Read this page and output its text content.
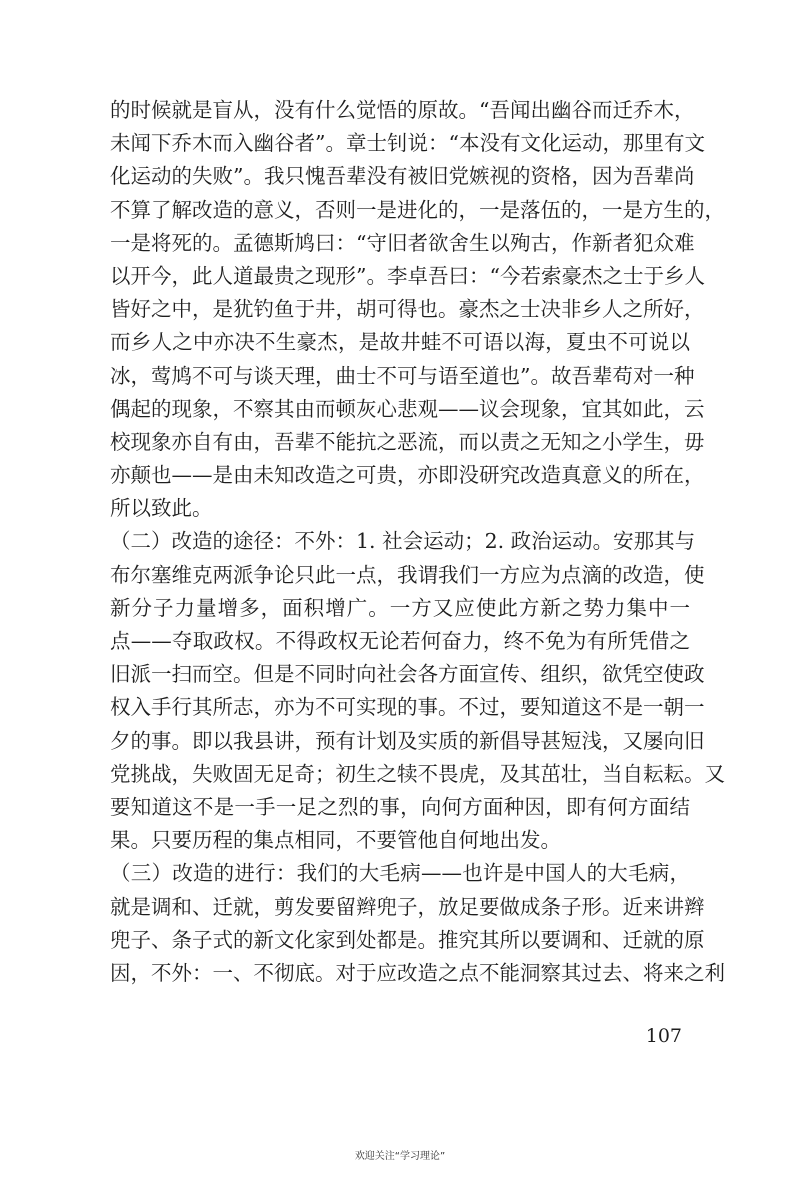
的时候就是盲从，没有什么觉悟的原故。“吾闻出幽谷而迁乔木，
未闻下乔木而入幽谷者”。章士钊说：“本没有文化运动，那里有文
化运动的失败”。我只愧吾辈没有被旧党嫉视的资格，因为吾辈尚
不算了解改造的意义，否则一是进化的，一是落伍的，一是方生的，
一是将死的。孟德斯鸠曰：“守旧者欲舍生以殉古，作新者犯众难
以开今，此人道最贵之现形”。李卓吾曰：“今若索豪杰之士于乡人
皆好之中，是犹钓鱼于井，胡可得也。豪杰之士决非乡人之所好，
而乡人之中亦决不生豪杰，是故井蛙不可语以海，夏虫不可说以
冰，莺鸠不可与谈天理，曲士不可与语至道也”。故吾辈苟对一种
偶起的现象，不察其由而顿灰心悲观——议会现象，宜其如此，云
校现象亦自有由，吾辈不能抗之恶流，而以责之无知之小学生，毋
亦颠也——是由未知改造之可贵，亦即没研究改造真意义的所在，
所以致此。
（二）改造的途径：不外：1. 社会运动；2. 政治运动。安那其与
布尔塞维克两派争论只此一点，我谓我们一方应为点滴的改造，使
新分子力量增多，面积增广。一方又应使此方新之势力集中一
点——夺取政权。不得政权无论若何奋力，终不免为有所凭借之
旧派一扫而空。但是不同时向社会各方面宣传、组织，欲凭空使政
权入手行其所志，亦为不可实现的事。不过，要知道这不是一朝一
夕的事。即以我县讲，预有计划及实质的新倡导甚短浅，又屡向旧
党挑战，失败固无足奇；初生之犊不畏虎，及其茁壮，当自耘耘。又
要知道这不是一手一足之烈的事，向何方面种因，即有何方面结
果。只要历程的集点相同，不要管他自何地出发。
（三）改造的进行：我们的大毛病——也许是中国人的大毛病，
就是调和、迁就，剪发要留辫兜子，放足要做成条子形。近来讲辫
兜子、条子式的新文化家到处都是。推究其所以要调和、迁就的原
因，不外：一、不彻底。对于应改造之点不能洞察其过去、将来之利
107
欢迎关注“学习理论”
